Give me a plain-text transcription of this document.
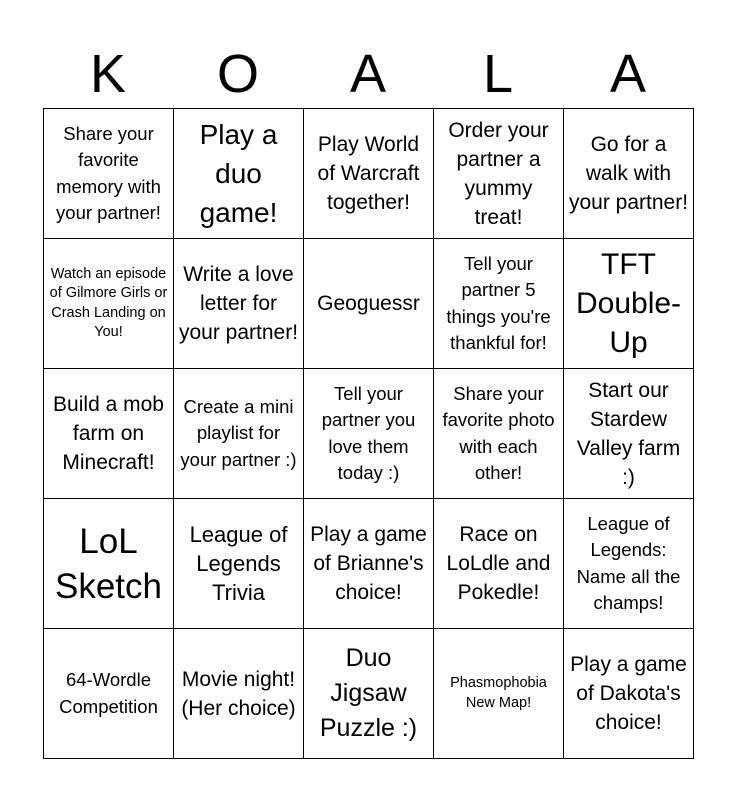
K	O	A	L	A
Share your favorite memory with your partner!	Play a duo game!	Play World of Warcraft together!	Order your partner a yummy treat!	Go for a walk with your partner!
Watch an episode of Gilmore Girls or Crash Landing on You!	Write a love letter for your partner!	Geoguessr	Tell your partner 5 things you're thankful for!	TFT Double-Up
Build a mob farm on Minecraft!	Create a mini playlist for your partner :)	Tell your partner you love them today :)	Share your favorite photo with each other!	Start our Stardew Valley farm :)
LoL Sketch	League of Legends Trivia	Play a game of Brianne's choice!	Race on LoLdle and Pokedle!	League of Legends: Name all the champs!
64-Wordle Competition	Movie night! (Her choice)	Duo Jigsaw Puzzle :)	Phasmophobia New Map!	Play a game of Dakota's choice!
